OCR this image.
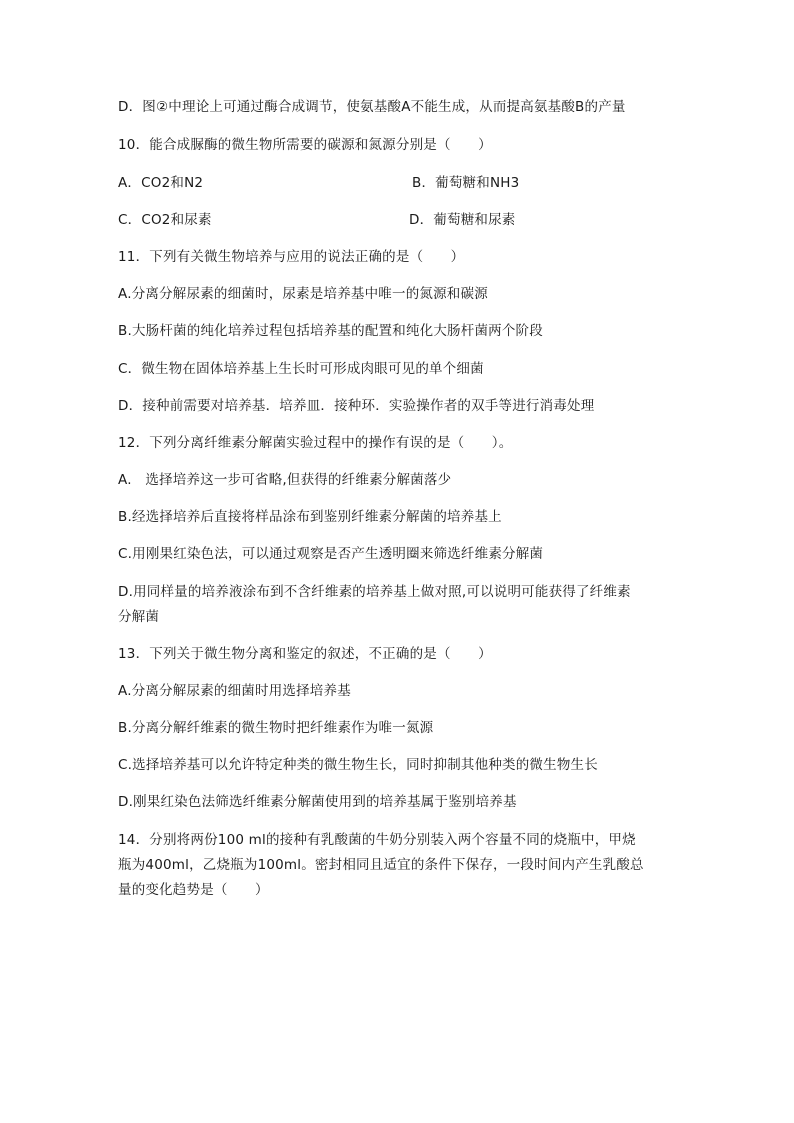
D．图②中理论上可通过酶合成调节，使氨基酸A不能生成，从而提高氨基酸B的产量
10．能合成脲酶的微生物所需要的碳源和氮源分别是（　　）
A．CO2和N2	B．葡萄糖和NH3
C．CO2和尿素	D．葡萄糖和尿素
11．下列有关微生物培养与应用的说法正确的是（　　）
A.分离分解尿素的细菌时，尿素是培养基中唯一的氮源和碳源
B.大肠杆菌的纯化培养过程包括培养基的配置和纯化大肠杆菌两个阶段
C．微生物在固体培养基上生长时可形成肉眼可见的单个细菌
D．接种前需要对培养基．培养皿．接种环．实验操作者的双手等进行消毒处理
12．下列分离纤维素分解菌实验过程中的操作有误的是（　　）。
A.　选择培养这一步可省略,但获得的纤维素分解菌落少
B.经选择培养后直接将样品涂布到鉴别纤维素分解菌的培养基上
C.用刚果红染色法，可以通过观察是否产生透明圈来筛选纤维素分解菌
D.用同样量的培养液涂布到不含纤维素的培养基上做对照,可以说明可能获得了纤维素
分解菌
13．下列关于微生物分离和鉴定的叙述，不正确的是（　　）
A.分离分解尿素的细菌时用选择培养基
B.分离分解纤维素的微生物时把纤维素作为唯一氮源
C.选择培养基可以允许特定种类的微生物生长，同时抑制其他种类的微生物生长
D.刚果红染色法筛选纤维素分解菌使用到的培养基属于鉴别培养基
14．分别将两份100 ml的接种有乳酸菌的牛奶分别装入两个容量不同的烧瓶中，甲烧
瓶为400ml，乙烧瓶为100ml。密封相同且适宜的条件下保存，一段时间内产生乳酸总
量的变化趋势是（　　）
